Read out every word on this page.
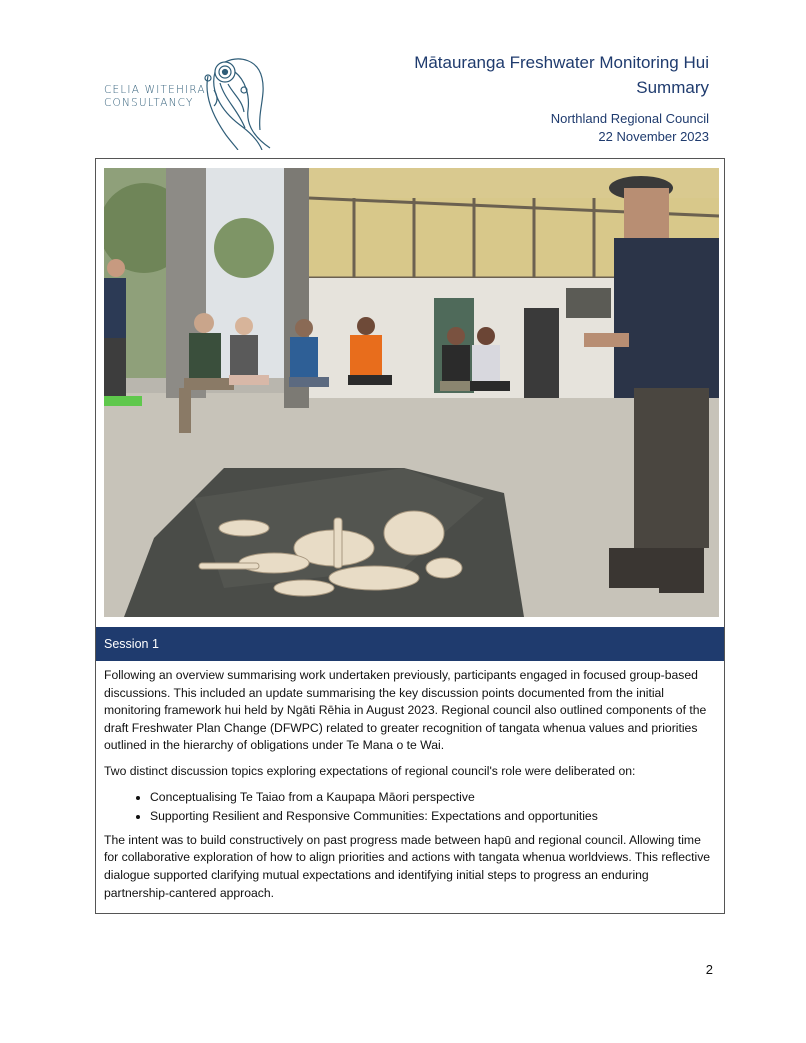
CELIA WITEHIRA
CONSULTANCY
Mātauranga Freshwater Monitoring Hui Summary
Northland Regional Council
22 November 2023
Session 1

Following an overview summarising work undertaken previously, participants engaged in focused group-based discussions. This included an update summarising the key discussion points documented from the initial monitoring framework hui held by Ngāti Rēhia in August 2023. Regional council also outlined components of the draft Freshwater Plan Change (DFWPC) related to greater recognition of tangata whenua values and priorities outlined in the hierarchy of obligations under Te Mana o te Wai.

Two distinct discussion topics exploring expectations of regional council's role were deliberated on:

• Conceptualising Te Taiao from a Kaupapa Māori perspective
• Supporting Resilient and Responsive Communities: Expectations and opportunities

The intent was to build constructively on past progress made between hapū and regional council. Allowing time for collaborative exploration of how to align priorities and actions with tangata whenua worldviews. This reflective dialogue supported clarifying mutual expectations and identifying initial steps to progress an enduring partnership-cantered approach.

2
